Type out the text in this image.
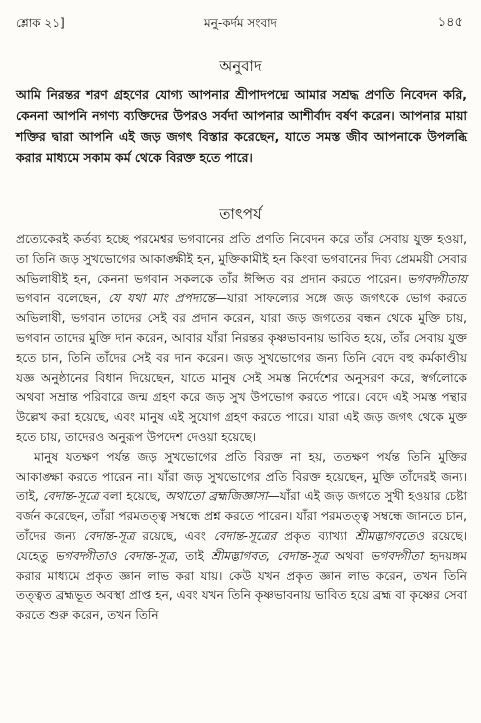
শ্লোক ২১]	মনু-কর্দম সংবাদ	১৪৫
অনুবাদ
আমি নিরন্তর শরণ গ্রহণের যোগ্য আপনার শ্রীপাদপদ্মে আমার সশ্রদ্ধ প্রণতি নিবেদন করি, কেননা আপনি নগণ্য ব্যক্তিদের উপরও সর্বদা আপনার আশীর্বাদ বর্ষণ করেন। আপনার মায়া শক্তির দ্বারা আপনি এই জড় জগৎ বিস্তার করেছেন, যাতে সমস্ত জীব আপনাকে উপলব্ধি করার মাধ্যমে সকাম কর্ম থেকে বিরক্ত হতে পারে।
তাৎপর্য

প্রত্যেকেরই কর্তব্য হচ্ছে পরমেশ্বর ভগবানের প্রতি প্রণতি নিবেদন করে তাঁর সেবায় যুক্ত হওয়া, তা তিনি জড় সুখভোগের আকাঙ্ক্ষীই হন, মুক্তিকামীই হন কিংবা ভগবানের দিব্য প্রেমময়ী সেবার অভিলাষীই হন, কেননা ভগবান সকলকে তাঁর ঈপ্সিত বর প্রদান করতে পারেন। ভগবদ্গীতায় ভগবান বলেছেন, যে যথা মাং প্রপদ্যন্তে—যারা সাফল্যের সঙ্গে জড় জগৎকে ভোগ করতে অভিলাষী, ভগবান তাদের সেই বর প্রদান করেন, যারা জড় জগতের বন্ধন থেকে মুক্তি চায়, ভগবান তাদের মুক্তি দান করেন, আবার যাঁরা নিরন্তর কৃষ্ণভাবনায় ভাবিত হয়ে, তাঁর সেবায় যুক্ত হতে চান, তিনি তাঁদের সেই বর দান করেন। জড় সুখভোগের জন্য তিনি বেদে বহু কর্মকাণ্ডীয় যজ্ঞ অনুষ্ঠানের বিধান দিয়েছেন, যাতে মানুষ সেই সমস্ত নির্দেশের অনুসরণ করে, স্বর্গলোকে অথবা সম্রান্ত পরিবারে জন্ম গ্রহণ করে জড় সুখ উপভোগ করতে পারে। বেদে এই সমস্ত পন্থার উল্লেখ করা হয়েছে, এবং মানুষ এই সুযোগ গ্রহণ করতে পারে। যারা এই জড় জগৎ থেকে মুক্ত হতে চায়, তাদেরও অনুরূপ উপদেশ দেওয়া হয়েছে।

মানুষ যতক্ষণ পর্যন্ত জড় সুখভোগের প্রতি বিরক্ত না হয়, ততক্ষণ পর্যন্ত তিনি মুক্তির আকাঙ্ক্ষা করতে পারেন না। যাঁরা জড় সুখভোগের প্রতি বিরক্ত হয়েছেন, মুক্তি তাঁদেরই জন্য। তাই, বেদান্ত-সূত্রে বলা হয়েছে, অথাতো ব্রহ্মজিজ্ঞাসা—যাঁরা এই জড় জগতে সুখী হওয়ার চেষ্টা বর্জন করেছেন, তাঁরা পরমতত্ত্ব সম্বন্ধে প্রশ্ন করতে পারেন। যাঁরা পরমতত্ত্ব সম্বন্ধে জানতে চান, তাঁদের জন্য বেদান্ত-সূত্র রয়েছে, এবং বেদান্ত-সূত্রের প্রকৃত ব্যাখ্যা শ্রীমদ্ভাগবতেও রয়েছে। যেহেতু ভগবদ্গীতাও বেদান্ত-সূত্র, তাই শ্রীমদ্ভাগবত, বেদান্ত-সূত্র অথবা ভগবদ্গীতা হৃদয়ঙ্গম করার মাধ্যমে প্রকৃত জ্ঞান লাভ করা যায়। কেউ যখন প্রকৃত জ্ঞান লাভ করেন, তখন তিনি তত্ত্বত ব্রহ্মভূত অবস্থা প্রাপ্ত হন, এবং যখন তিনি কৃষ্ণভাবনায় ভাবিত হয়ে ব্রহ্ম বা কৃষ্ণের সেবা করতে শুরু করেন, তখন তিনি
